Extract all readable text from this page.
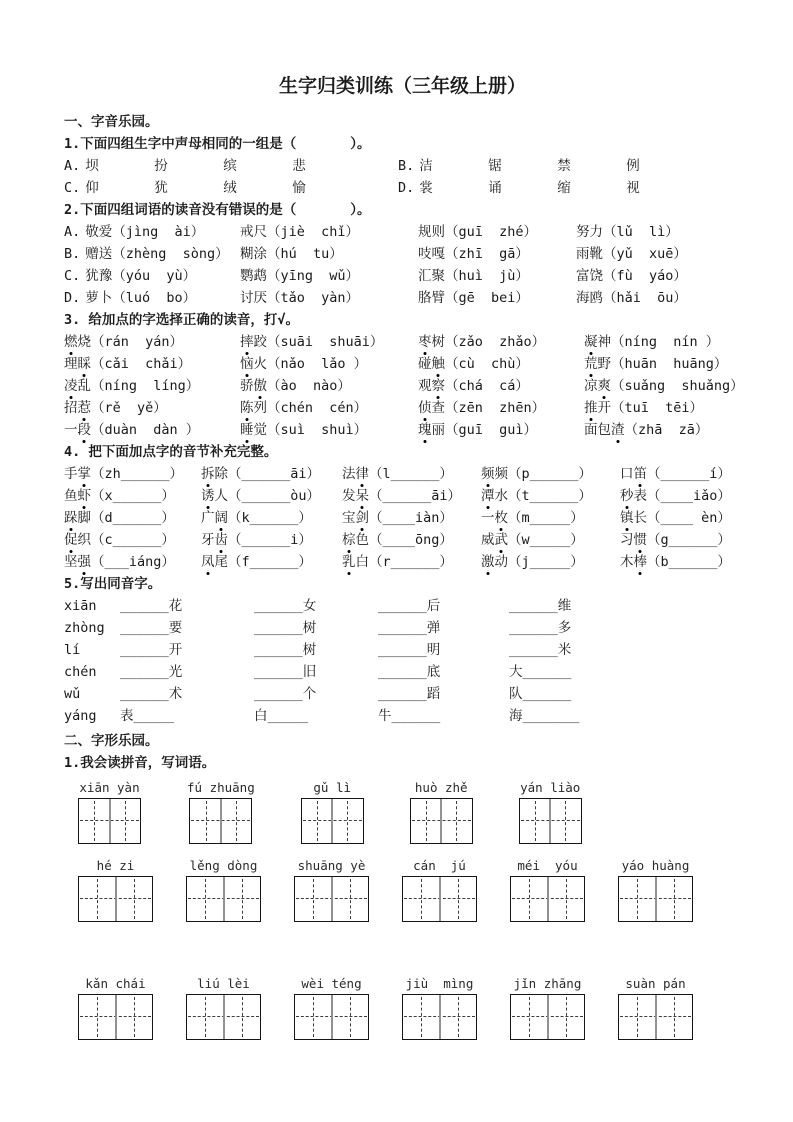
生字归类训练（三年级上册）
一、字音乐园。
1.下面四组生字中声母相同的一组是（　　　　）。
A. 坝	扮	缤	悲	B. 洁	锯	禁	例
C. 仰	犹	绒	愉	D. 裳	诵	缩	视
2.下面四组词语的读音没有错误的是（　　　　）。
A. 敬爱（jìng  ài）	戒尺（jiè  chǐ）	规则（guī  zhé）	努力（lǔ  lì）
B. 赠送（zhèng  sòng） 糊涂（hú  tu）	吱嘎（zhī  gā）	雨靴（yǔ  xuē）
C. 犹豫（yóu  yù）	鹦鹉（yīng  wǔ）	汇聚（huì  jù）	富饶（fù  yáo）
D. 萝卜（luó  bo）	讨厌（tǎo  yàn）	胳臂（gē  bei）	海鸥（hǎi  ōu）
3. 给加点的字选择正确的读音，打√。
燃烧（rán  yán）	摔跤（suāi  shuāi）	枣树（zǎo  zhǎo）	凝神（níng  nín ）
理睬（cǎi  chǎi）	恼火（nǎo  lǎo ）	碰触（cù  chù）	荒野（huān  huāng）
凌乱（níng  líng）	骄傲（ào  nào）	观察（chá  cá）	凉爽（suǎng  shuǎng）
招惹（rě  yě）	陈列（chén  cén）	侦查（zēn  zhēn）	推开（tuī  tēi）
一段（duàn  dàn ）	睡觉（suì  shuì）	瑰丽（guī  guì）	面包渣（zhā  zā）
4. 把下面加点字的音节补充完整。
手掌（zh______）	拆除（______āi）	法律（l______）	频频（p______）	口笛（______í）
鱼虾（x______）	诱人（______òu）	发呆（______āi）	潭水（t______）	秒表（____iǎo）
跺脚（d______）	广阔（k______）	宝剑（____iàn）	一枚（m_____）	镇长（____ èn）
促织（c______）	牙齿（______i）	棕色（____ōng）	威武（w_____）	习惯（g______）
坚强（___iáng）	凤尾（f______）	乳白（r______）	激动（j_____）	木棒（b______）
5.写出同音字。
xiān	______花	______女	______后	______维
zhòng	______要	______树	______弹	______多
lí	______开	______树	______明	______米
chén	______光	______旧	______底	大______
wǔ	______术	______个	______蹈	队______
yáng	表_____	白_____	牛______	海_______
二、字形乐园。
1.我会读拼音，写词语。
xiān yàn	fú zhuāng	gǔ lì	huò zhě	yán liào
hé zi	lěng dòng	shuāng yè	cán  jú	méi  yóu	yáo huàng
kǎn chái	liú lèi	wèi téng	jiù  mìng	jǐn zhāng	suàn pán
